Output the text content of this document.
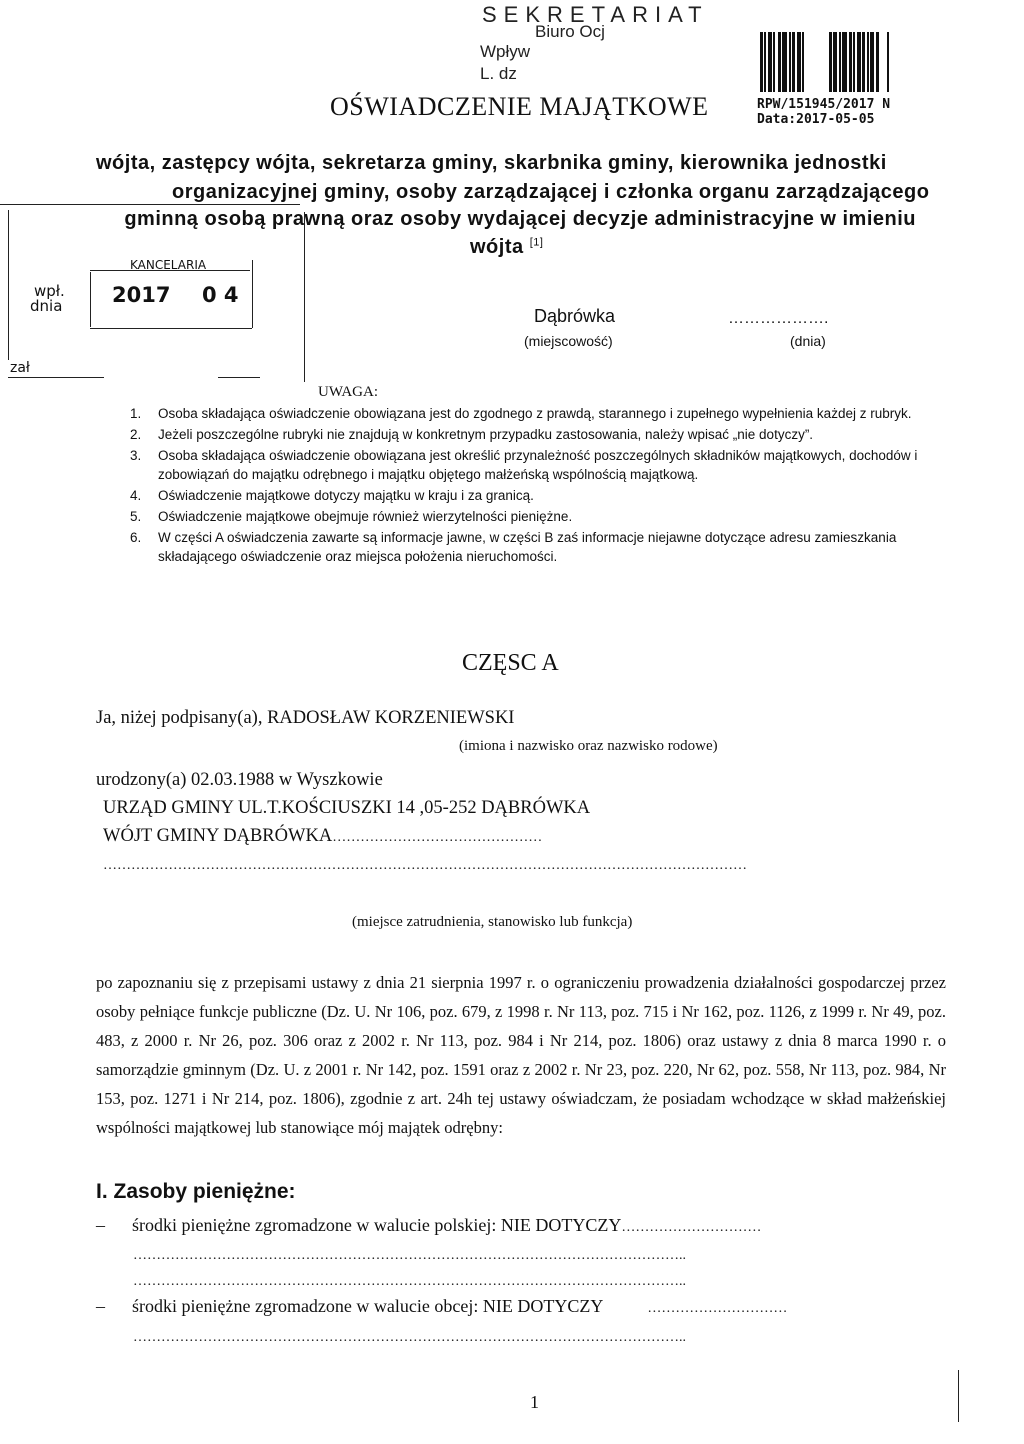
SEKRETARIAT
Biuro Ocj
Wpływ
L. dz
RPW/151945/2017 N
Data:2017-05-05
OŚWIADCZENIE MAJĄTKOWE
wójta, zastępcy wójta, sekretarza gminy, skarbnika gminy, kierownika jednostki
organizacyjnej gminy, osoby zarządzającej i członka organu zarządzającego
gminną osobą prawną oraz osoby wydającej decyzje administracyjne w imieniu
wójta [1]
KANCELARIA
wpł.
dnia 2017 0 4
zał
Dąbrówka
(miejscowość)
……………….
(dnia)
UWAGA:
1.	Osoba składająca oświadczenie obowiązana jest do zgodnego z prawdą, starannego i zupełnego wypełnienia każdej z rubryk.
2.	Jeżeli poszczególne rubryki nie znajdują w konkretnym przypadku zastosowania, należy wpisać „nie dotyczy”.
3.	Osoba składająca oświadczenie obowiązana jest określić przynależność poszczególnych składników majątkowych, dochodów i zobowiązań do majątku odrębnego i majątku objętego małżeńską wspólnością majątkową.
4.	Oświadczenie majątkowe dotyczy majątku w kraju i za granicą.
5.	Oświadczenie majątkowe obejmuje również wierzytelności pieniężne.
6.	W części A oświadczenia zawarte są informacje jawne, w części B zaś informacje niejawne dotyczące adresu zamieszkania składającego oświadczenie oraz miejsca położenia nieruchomości.
CZĘSC A
Ja, niżej podpisany(a), RADOSŁAW KORZENIEWSKI
(imiona i nazwisko oraz nazwisko rodowe)
urodzony(a) 02.03.1988 w Wyszkowie
URZĄD GMINY UL.T.KOŚCIUSZKI 14 ,05-252 DĄBRÓWKA
WÓJT GMINY DĄBRÓWKA………………………………………
…………………………………………………………………………………………………………………………
(miejsce zatrudnienia, stanowisko lub funkcja)
po zapoznaniu się z przepisami ustawy z dnia 21 sierpnia 1997 r. o ograniczeniu prowadzenia działalności gospodarczej przez osoby pełniące funkcje publiczne (Dz. U. Nr 106, poz. 679, z 1998 r. Nr 113, poz. 715 i Nr 162, poz. 1126, z 1999 r. Nr 49, poz. 483, z 2000 r. Nr 26, poz. 306 oraz z 2002 r. Nr 113, poz. 984 i Nr 214, poz. 1806) oraz ustawy z dnia 8 marca 1990 r. o samorządzie gminnym (Dz. U. z 2001 r. Nr 142, poz. 1591 oraz z 2002 r. Nr 23, poz. 220, Nr 62, poz. 558, Nr 113, poz. 984, Nr 153, poz. 1271 i Nr 214, poz. 1806), zgodnie z art. 24h tej ustawy oświadczam, że posiadam wchodzące w skład małżeńskiej wspólności majątkowej lub stanowiące mój majątek odrębny:
I. Zasoby pieniężne:
– środki pieniężne zgromadzone w walucie polskiej: NIE DOTYCZY…………………………
………………………………………………………………………………………………………..
………………………………………………………………………………………………………..
– środki pieniężne zgromadzone w walucie obcej: NIE DOTYCZY	…………………………
………………………………………………………………………………………………………..
1
